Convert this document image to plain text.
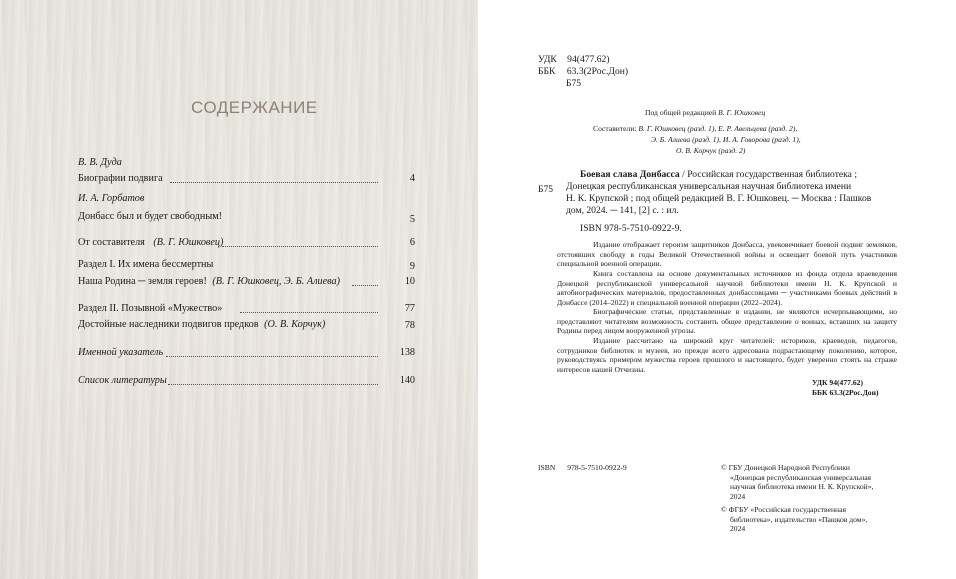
СОДЕРЖАНИЕ
В. В. Дуда
Биографии подвига	4
И. А. Горбатов
Донбасс был и будет свободным!	5
От составителя (В. Г. Юшковец)	6
Раздел I. Их имена бессмертны	9
Наша Родина ─ земля героев! (В. Г. Юшковец, Э. Б. Алиева)	10
Раздел II. Позывной «Мужество»	77
Достойные наследники подвигов предков (О. В. Корчук)	78
Именной указатель	138
Список литературы	140
УДК 94(477.62)
ББК 63.3(2Рос.Дон)
Б75
Под общей редакцией В. Г. Юшковец
Составители: В. Г. Юшковец (разд. 1), Е. Р. Авельцева (разд. 2),
Э. Б. Алиева (разд. 1), И. А. Говорова (разд. 1),
О. В. Корчук (разд. 2)
Б75
Боевая слава Донбасса / Российская государственная библиотека ;
Донецкая республиканская универсальная научная библиотека имени
Н. К. Крупской ; под общей редакцией В. Г. Юшковец. ─ Москва : Пашков
дом, 2024. ─ 141, [2] с. : ил.
ISBN 978-5-7510-0922-9.
Издание отображает героизм защитников Донбасса, увековечивает боевой подвиг земляков, отстоявших свободу в годы Великой Отечественной войны и освещает боевой путь участников специальной военной операции.
Книга составлена на основе документальных источников из фонда отдела краеведения Донецкой республиканской универсальной научной библиотеки имени Н. К. Крупской и автобиографических материалов, предоставленных донбассовцами ─ участниками боевых действий в Донбассе (2014–2022) и специальной военной операции (2022–2024).
Биографические статьи, представленные в издании, не являются исчерпывающими, но представляют читателям возможность составить общее представление о воинах, вставших на защиту Родины перед лицом вооруженной угрозы.
Издание рассчитано на широкий круг читателей: историков, краеведов, педагогов, сотрудников библиотек и музеев, но прежде всего адресована подрастающему поколению, которое, руководствуясь примером мужества героев прошлого и настоящего, будет уверенно стоять на страже интересов нашей Отчизны.
УДК 94(477.62)
ББК 63.3(2Рос.Дон)
ISBN 978-5-7510-0922-9	© ГБУ Донецкой Народной Республики
«Донецкая республиканская универсальная
научная библиотека имени Н. К. Крупской»,
2024
© ФГБУ «Российская государственная
библиотека», издательство «Пашков дом»,
2024
